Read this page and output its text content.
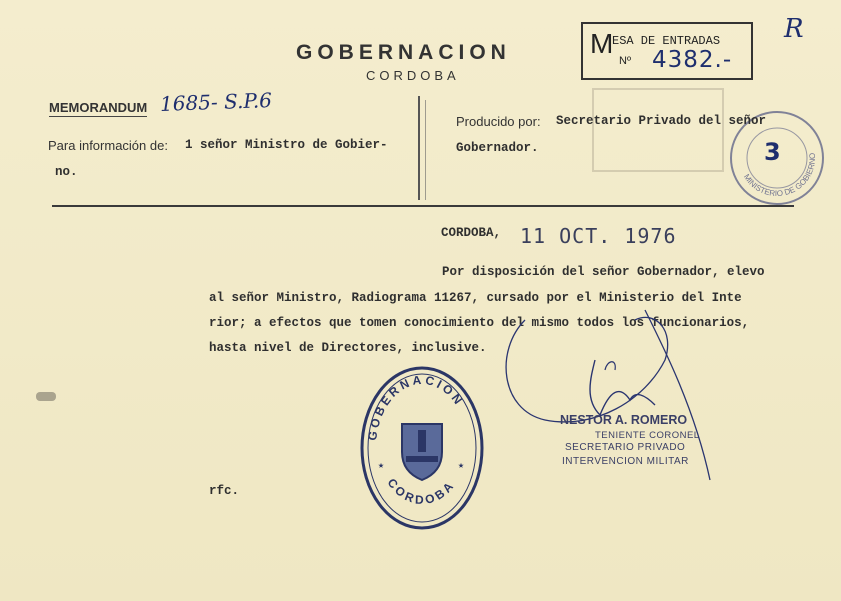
GOBERNACION
CORDOBA
M
ESA DE ENTRADAS
Nº 4382.-
R
MINISTERIO DE GOBIERNO
3
MEMORANDUM 1685- S.P.6
Para información de: 1 señor Ministro de Gobier-
no.
Producido por: Secretario Privado del señor
Gobernador.
CORDOBA, 11 OCT. 1976
Por disposición del señor Gobernador, elevo
al señor Ministro, Radiograma 11267, cursado por el Ministerio del Inte
rior; a efectos que tomen conocimiento del mismo todos los funcionarios,
hasta nivel de Directores, inclusive.
GOBERNACION
CORDOBA
★	★
NESTOR A. ROMERO
TENIENTE CORONEL
SECRETARIO PRIVADO
INTERVENCION MILITAR
rfc.
